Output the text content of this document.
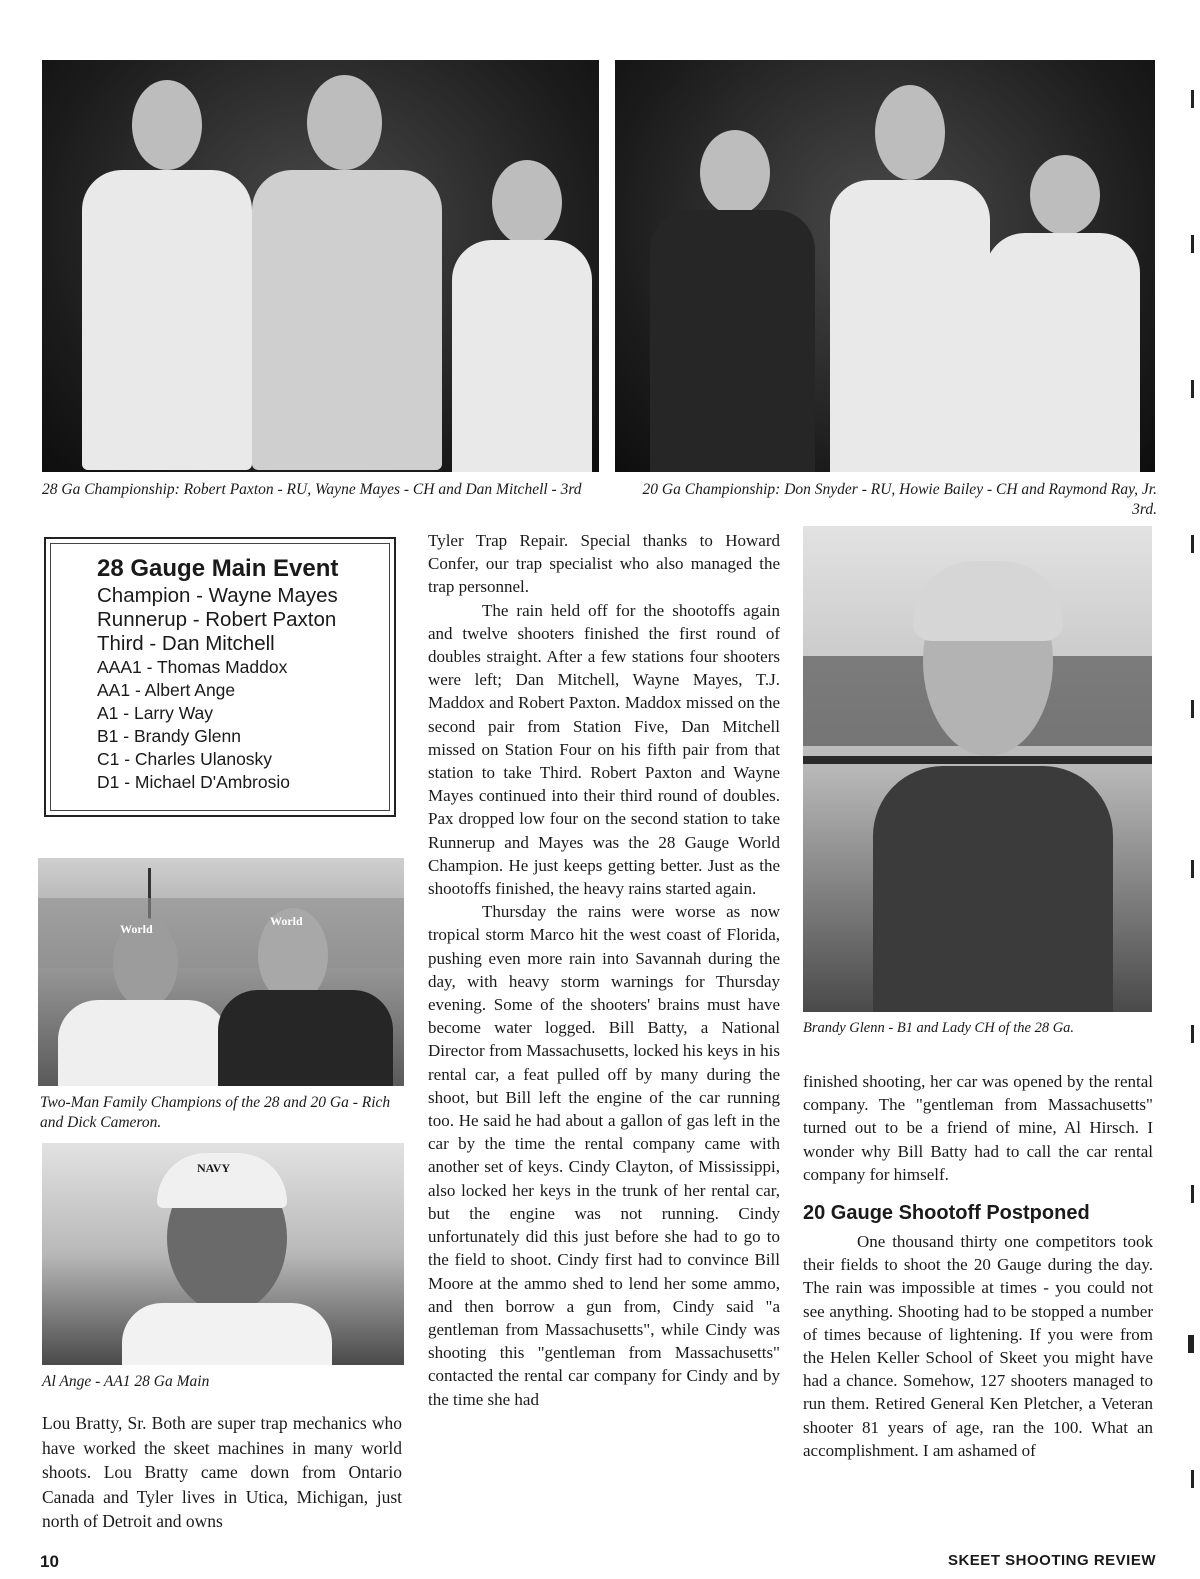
28 Ga Championship: Robert Paxton - RU, Wayne Mayes - CH and Dan Mitchell - 3rd	20 Ga Championship: Don Snyder - RU, Howie Bailey - CH and Raymond Ray, Jr. 3rd.
28 Gauge Main Event
Champion - Wayne Mayes
Runnerup - Robert Paxton
Third - Dan Mitchell
AAA1 - Thomas Maddox
AA1 - Albert Ange
A1 - Larry Way
B1 - Brandy Glenn
C1 - Charles Ulanosky
D1 - Michael D'Ambrosio
World
World
Two-Man Family Champions of the 28 and 20 Ga - Rich and Dick Cameron.
NAVY
Al Ange - AA1 28 Ga Main

Lou Bratty, Sr. Both are super trap mechanics who have worked the skeet machines in many world shoots. Lou Bratty came down from Ontario Canada and Tyler lives in Utica, Michigan, just north of Detroit and owns

Tyler Trap Repair. Special thanks to Howard Confer, our trap specialist who also managed the trap personnel.

The rain held off for the shootoffs again and twelve shooters finished the first round of doubles straight. After a few stations four shooters were left; Dan Mitchell, Wayne Mayes, T.J. Maddox and Robert Paxton. Maddox missed on the second pair from Station Five, Dan Mitchell missed on Station Four on his fifth pair from that station to take Third. Robert Paxton and Wayne Mayes continued into their third round of doubles. Pax dropped low four on the second station to take Runnerup and Mayes was the 28 Gauge World Champion. He just keeps getting better. Just as the shootoffs finished, the heavy rains started again.

Thursday the rains were worse as now tropical storm Marco hit the west coast of Florida, pushing even more rain into Savannah during the day, with heavy storm warnings for Thursday evening. Some of the shooters' brains must have become water logged. Bill Batty, a National Director from Massachusetts, locked his keys in his rental car, a feat pulled off by many during the shoot, but Bill left the engine of the car running too. He said he had about a gallon of gas left in the car by the time the rental company came with another set of keys. Cindy Clayton, of Mississippi, also locked her keys in the trunk of her rental car, but the engine was not running. Cindy unfortunately did this just before she had to go to the field to shoot. Cindy first had to convince Bill Moore at the ammo shed to lend her some ammo, and then borrow a gun from, Cindy said "a gentleman from Massachusetts", while Cindy was shooting this "gentleman from Massachusetts" contacted the rental car company for Cindy and by the time she had

Brandy Glenn - B1 and Lady CH of the 28 Ga.

finished shooting, her car was opened by the rental company. The "gentleman from Massachusetts" turned out to be a friend of mine, Al Hirsch. I wonder why Bill Batty had to call the car rental company for himself.

20 Gauge Shootoff Postponed

One thousand thirty one competitors took their fields to shoot the 20 Gauge during the day. The rain was impossible at times - you could not see anything. Shooting had to be stopped a number of times because of lightening. If you were from the Helen Keller School of Skeet you might have had a chance. Somehow, 127 shooters managed to run them. Retired General Ken Pletcher, a Veteran shooter 81 years of age, ran the 100. What an accomplishment. I am ashamed of

10	SKEET SHOOTING REVIEW
